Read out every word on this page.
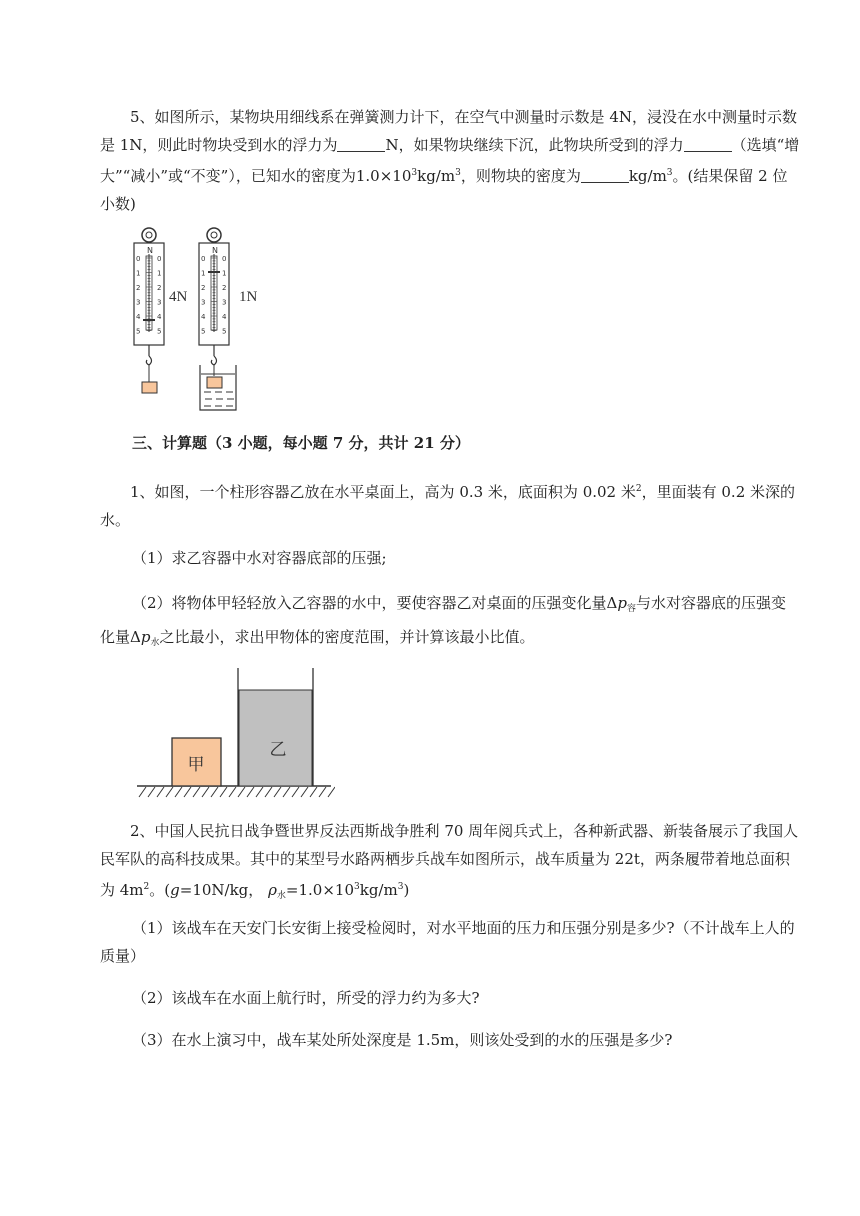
5、如图所示，某物块用细线系在弹簧测力计下，在空气中测量时示数是 4N，浸没在水中测量时示数是 1N，则此时物块受到水的浮力为	N，如果物块继续下沉，此物块所受到的浮力	（选填“增大”“减小”或“不变”），已知水的密度为$1.0\times 10^3kg/m^3$，则物块的密度为	$kg/m^3$。(结果保留 2 位小数)

N
0 0
1 1
2 2
3 3
4 4
5 5
4N
N
0 0
1 1
2 2
3 3
4 4
5 5
1N

三、计算题（3 小题，每小题 7 分，共计 21 分）

1、如图，一个柱形容器乙放在水平桌面上，高为 0.3 米，底面积为 0.02 米$^2$，里面装有 0.2 米深的水。

（1）求乙容器中水对容器底部的压强;

（2）将物体甲轻轻放入乙容器的水中，要使容器乙对桌面的压强变化量$\Delta p_容$与水对容器底的压强变化量$\Delta p_水$之比最小，求出甲物体的密度范围，并计算该最小比值。

甲
乙

2、中国人民抗日战争暨世界反法西斯战争胜利 70 周年阅兵式上，各种新武器、新装备展示了我国人民军队的高科技成果。其中的某型号水路两栖步兵战车如图所示，战车质量为 22t，两条履带着地总面积为 $4m^2$。(g=10N/kg， $\rho_水=1.0\times 10^3kg/m^3$)

（1）该战车在天安门长安街上接受检阅时，对水平地面的压力和压强分别是多少?（不计战车上人的质量）

（2）该战车在水面上航行时，所受的浮力约为多大?

（3）在水上演习中，战车某处所处深度是 1.5m，则该处受到的水的压强是多少?
